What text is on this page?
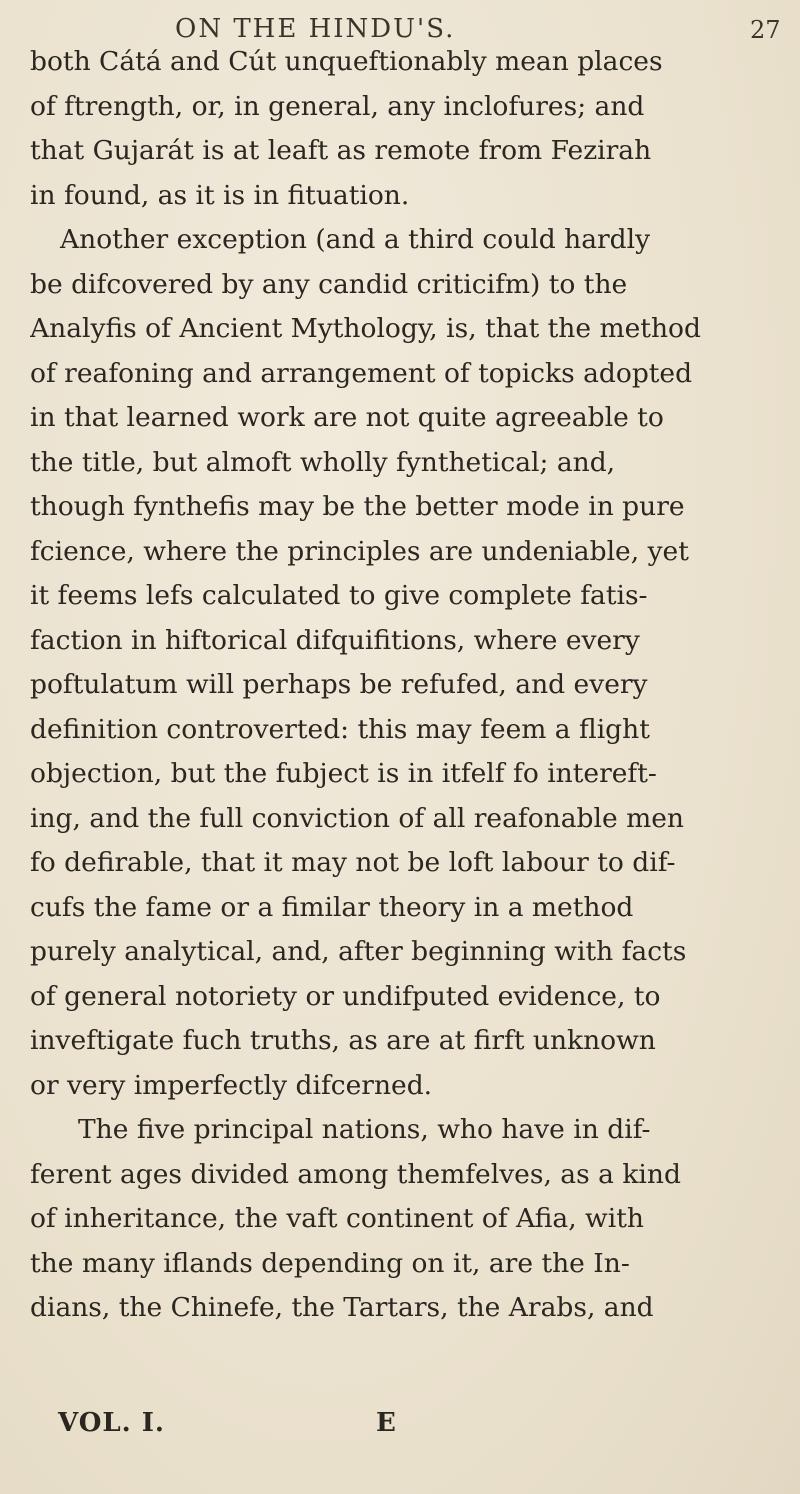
ON THE HINDU'S.	27
both Cátá and Cút unqueftionably mean places
of ftrength, or, in general, any inclofures; and
that Gujarát is at leaft as remote from Fezirah
in found, as it is in fituation.
Another exception (and a third could hardly
be difcovered by any candid criticifm) to the
Analyfis of Ancient Mythology, is, that the method
of reafoning and arrangement of topicks adopted
in that learned work are not quite agreeable to
the title, but almoft wholly fynthetical; and,
though fynthefis may be the better mode in pure
fcience, where the principles are undeniable, yet
it feems lefs calculated to give complete fatis-
faction in hiftorical difquifitions, where every
poftulatum will perhaps be refufed, and every
definition controverted: this may feem a flight
objection, but the fubject is in itfelf fo intereft-
ing, and the full conviction of all reafonable men
fo defirable, that it may not be loft labour to dif-
cufs the fame or a fimilar theory in a method
purely analytical, and, after beginning with facts
of general notoriety or undifputed evidence, to
inveftigate fuch truths, as are at firft unknown
or very imperfectly difcerned.
The five principal nations, who have in dif-
ferent ages divided among themfelves, as a kind
of inheritance, the vaft continent of Afia, with
the many iflands depending on it, are the In-
dians, the Chinefe, the Tartars, the Arabs, and
VOL. I.	E
